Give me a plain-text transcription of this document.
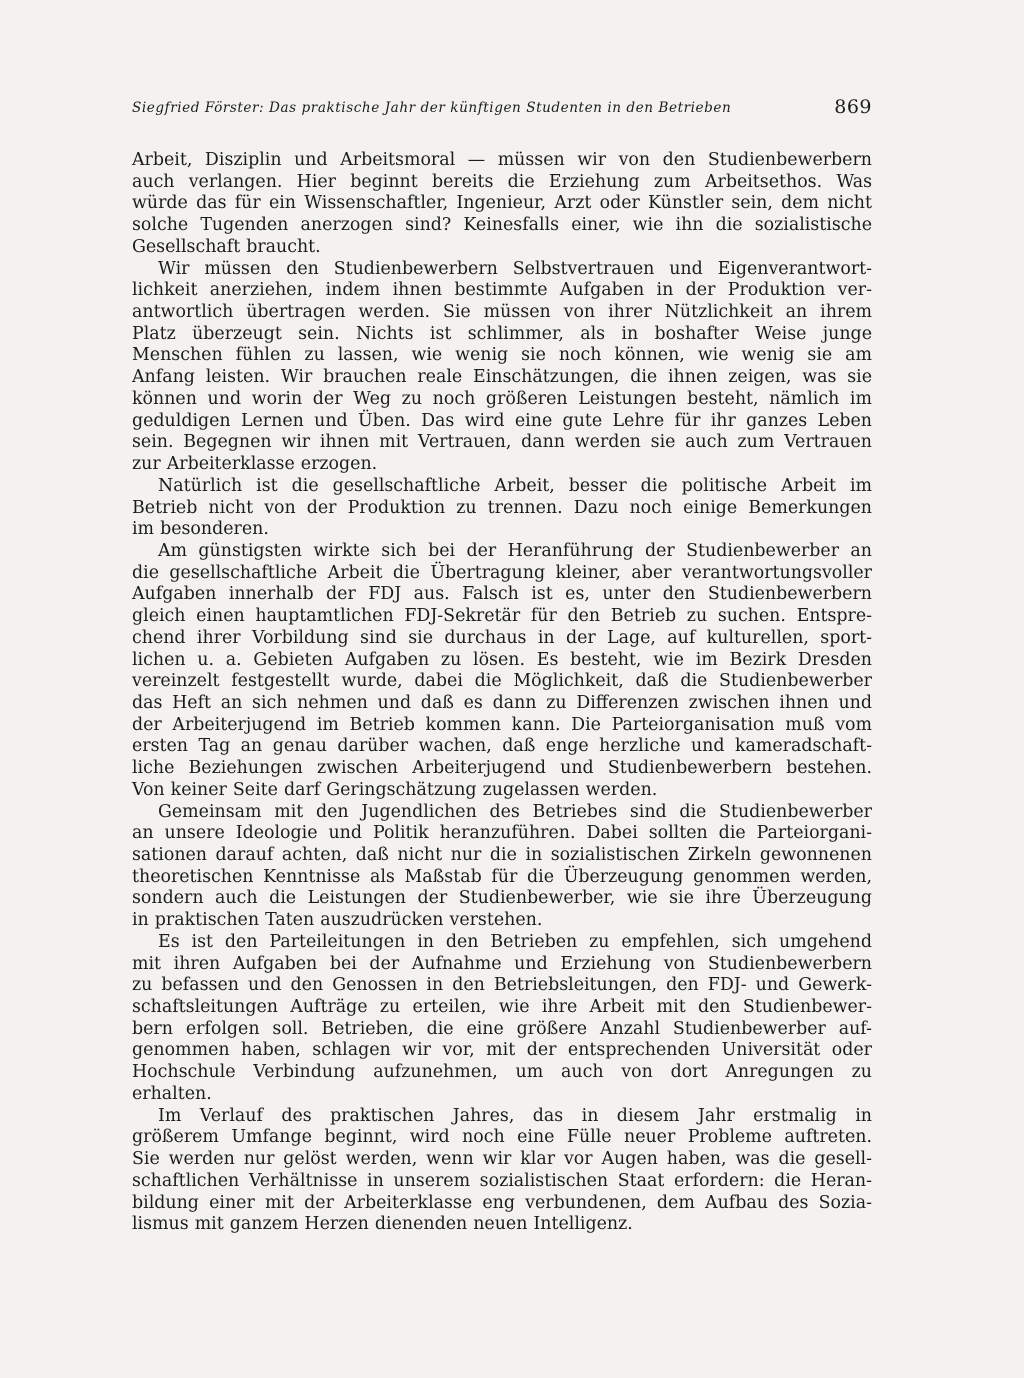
Siegfried Förster: Das praktische Jahr der künftigen Studenten in den Betrieben	869

Arbeit, Disziplin und Arbeitsmoral — müssen wir von den Studienbewerbern
auch verlangen. Hier beginnt bereits die Erziehung zum Arbeitsethos. Was
würde das für ein Wissenschaftler, Ingenieur, Arzt oder Künstler sein, dem nicht
solche Tugenden anerzogen sind? Keinesfalls einer, wie ihn die sozialistische
Gesellschaft braucht.

Wir müssen den Studienbewerbern Selbstvertrauen und Eigenverantwort-
lichkeit anerziehen, indem ihnen bestimmte Aufgaben in der Produktion ver-
antwortlich übertragen werden. Sie müssen von ihrer Nützlichkeit an ihrem
Platz überzeugt sein. Nichts ist schlimmer, als in boshafter Weise junge
Menschen fühlen zu lassen, wie wenig sie noch können, wie wenig sie am
Anfang leisten. Wir brauchen reale Einschätzungen, die ihnen zeigen, was sie
können und worin der Weg zu noch größeren Leistungen besteht, nämlich im
geduldigen Lernen und Üben. Das wird eine gute Lehre für ihr ganzes Leben
sein. Begegnen wir ihnen mit Vertrauen, dann werden sie auch zum Vertrauen
zur Arbeiterklasse erzogen.

Natürlich ist die gesellschaftliche Arbeit, besser die politische Arbeit im
Betrieb nicht von der Produktion zu trennen. Dazu noch einige Bemerkungen
im besonderen.

Am günstigsten wirkte sich bei der Heranführung der Studienbewerber an
die gesellschaftliche Arbeit die Übertragung kleiner, aber verantwortungsvoller
Aufgaben innerhalb der FDJ aus. Falsch ist es, unter den Studienbewerbern
gleich einen hauptamtlichen FDJ-Sekretär für den Betrieb zu suchen. Entspre-
chend ihrer Vorbildung sind sie durchaus in der Lage, auf kulturellen, sport-
lichen u. a. Gebieten Aufgaben zu lösen. Es besteht, wie im Bezirk Dresden
vereinzelt festgestellt wurde, dabei die Möglichkeit, daß die Studienbewerber
das Heft an sich nehmen und daß es dann zu Differenzen zwischen ihnen und
der Arbeiterjugend im Betrieb kommen kann. Die Parteiorganisation muß vom
ersten Tag an genau darüber wachen, daß enge herzliche und kameradschaft-
liche Beziehungen zwischen Arbeiterjugend und Studienbewerbern bestehen.
Von keiner Seite darf Geringschätzung zugelassen werden.

Gemeinsam mit den Jugendlichen des Betriebes sind die Studienbewerber
an unsere Ideologie und Politik heranzuführen. Dabei sollten die Parteiorgani-
sationen darauf achten, daß nicht nur die in sozialistischen Zirkeln gewonnenen
theoretischen Kenntnisse als Maßstab für die Überzeugung genommen werden,
sondern auch die Leistungen der Studienbewerber, wie sie ihre Überzeugung
in praktischen Taten auszudrücken verstehen.

Es ist den Parteileitungen in den Betrieben zu empfehlen, sich umgehend
mit ihren Aufgaben bei der Aufnahme und Erziehung von Studienbewerbern
zu befassen und den Genossen in den Betriebsleitungen, den FDJ- und Gewerk-
schaftsleitungen Aufträge zu erteilen, wie ihre Arbeit mit den Studienbewer-
bern erfolgen soll. Betrieben, die eine größere Anzahl Studienbewerber auf-
genommen haben, schlagen wir vor, mit der entsprechenden Universität oder
Hochschule Verbindung aufzunehmen, um auch von dort Anregungen zu
erhalten.

Im Verlauf des praktischen Jahres, das in diesem Jahr erstmalig in
größerem Umfange beginnt, wird noch eine Fülle neuer Probleme auftreten.
Sie werden nur gelöst werden, wenn wir klar vor Augen haben, was die gesell-
schaftlichen Verhältnisse in unserem sozialistischen Staat erfordern: die Heran-
bildung einer mit der Arbeiterklasse eng verbundenen, dem Aufbau des Sozia-
lismus mit ganzem Herzen dienenden neuen Intelligenz.
